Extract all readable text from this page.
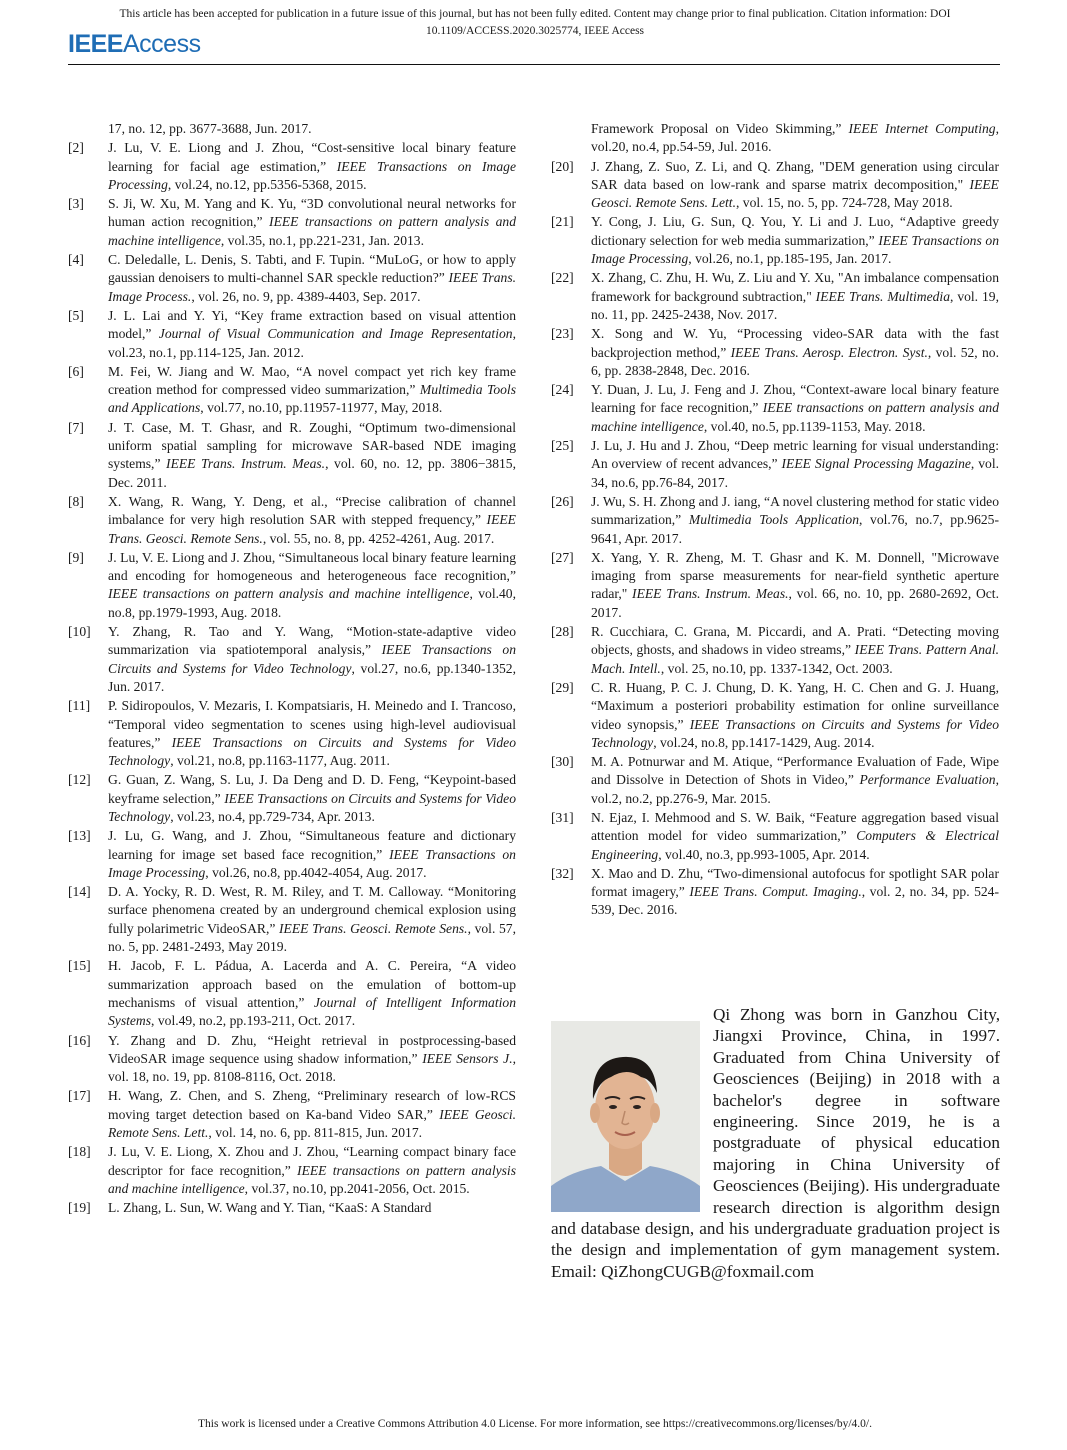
This article has been accepted for publication in a future issue of this journal, but has not been fully edited. Content may change prior to final publication. Citation information: DOI
10.1109/ACCESS.2020.3025774, IEEE Access
IEEEAccess
17, no. 12, pp. 3677-3688, Jun. 2017.
[2] J. Lu, V. E. Liong and J. Zhou, “Cost-sensitive local binary feature learning for facial age estimation,” IEEE Transactions on Image Processing, vol.24, no.12, pp.5356-5368, 2015.
[3] S. Ji, W. Xu, M. Yang and K. Yu, “3D convolutional neural networks for human action recognition,” IEEE transactions on pattern analysis and machine intelligence, vol.35, no.1, pp.221-231, Jan. 2013.
[4] C. Deledalle, L. Denis, S. Tabti, and F. Tupin. “MuLoG, or how to apply gaussian denoisers to multi-channel SAR speckle reduction?” IEEE Trans. Image Process., vol. 26, no. 9, pp. 4389-4403, Sep. 2017.
[5] J. L. Lai and Y. Yi, “Key frame extraction based on visual attention model,” Journal of Visual Communication and Image Representation, vol.23, no.1, pp.114-125, Jan. 2012.
[6] M. Fei, W. Jiang and W. Mao, “A novel compact yet rich key frame creation method for compressed video summarization,” Multimedia Tools and Applications, vol.77, no.10, pp.11957-11977, May, 2018.
[7] J. T. Case, M. T. Ghasr, and R. Zoughi, “Optimum two-dimensional uniform spatial sampling for microwave SAR-based NDE imaging systems,” IEEE Trans. Instrum. Meas., vol. 60, no. 12, pp. 3806−3815, Dec. 2011.
[8] X. Wang, R. Wang, Y. Deng, et al., “Precise calibration of channel imbalance for very high resolution SAR with stepped frequency,” IEEE Trans. Geosci. Remote Sens., vol. 55, no. 8, pp. 4252-4261, Aug. 2017.
[9] J. Lu, V. E. Liong and J. Zhou, “Simultaneous local binary feature learning and encoding for homogeneous and heterogeneous face recognition,” IEEE transactions on pattern analysis and machine intelligence, vol.40, no.8, pp.1979-1993, Aug. 2018.
[10] Y. Zhang, R. Tao and Y. Wang, “Motion-state-adaptive video summarization via spatiotemporal analysis,” IEEE Transactions on Circuits and Systems for Video Technology, vol.27, no.6, pp.1340-1352, Jun. 2017.
[11] P. Sidiropoulos, V. Mezaris, I. Kompatsiaris, H. Meinedo and I. Trancoso, “Temporal video segmentation to scenes using high-level audiovisual features,” IEEE Transactions on Circuits and Systems for Video Technology, vol.21, no.8, pp.1163-1177, Aug. 2011.
[12] G. Guan, Z. Wang, S. Lu, J. Da Deng and D. D. Feng, “Keypoint-based keyframe selection,” IEEE Transactions on Circuits and Systems for Video Technology, vol.23, no.4, pp.729-734, Apr. 2013.
[13] J. Lu, G. Wang, and J. Zhou, “Simultaneous feature and dictionary learning for image set based face recognition,” IEEE Transactions on Image Processing, vol.26, no.8, pp.4042-4054, Aug. 2017.
[14] D. A. Yocky, R. D. West, R. M. Riley, and T. M. Calloway. “Monitoring surface phenomena created by an underground chemical explosion using fully polarimetric VideoSAR,” IEEE Trans. Geosci. Remote Sens., vol. 57, no. 5, pp. 2481-2493, May 2019.
[15] H. Jacob, F. L. Pádua, A. Lacerda and A. C. Pereira, “A video summarization approach based on the emulation of bottom-up mechanisms of visual attention,” Journal of Intelligent Information Systems, vol.49, no.2, pp.193-211, Oct. 2017.
[16] Y. Zhang and D. Zhu, “Height retrieval in postprocessing-based VideoSAR image sequence using shadow information,” IEEE Sensors J., vol. 18, no. 19, pp. 8108-8116, Oct. 2018.
[17] H. Wang, Z. Chen, and S. Zheng, “Preliminary research of low-RCS moving target detection based on Ka-band Video SAR,” IEEE Geosci. Remote Sens. Lett., vol. 14, no. 6, pp. 811-815, Jun. 2017.
[18] J. Lu, V. E. Liong, X. Zhou and J. Zhou, “Learning compact binary face descriptor for face recognition,” IEEE transactions on pattern analysis and machine intelligence, vol.37, no.10, pp.2041-2056, Oct. 2015.
[19] L. Zhang, L. Sun, W. Wang and Y. Tian, “KaaS: A Standard
Framework Proposal on Video Skimming,” IEEE Internet Computing, vol.20, no.4, pp.54-59, Jul. 2016.
[20] J. Zhang, Z. Suo, Z. Li, and Q. Zhang, "DEM generation using circular SAR data based on low-rank and sparse matrix decomposition," IEEE Geosci. Remote Sens. Lett., vol. 15, no. 5, pp. 724-728, May 2018.
[21] Y. Cong, J. Liu, G. Sun, Q. You, Y. Li and J. Luo, “Adaptive greedy dictionary selection for web media summarization,” IEEE Transactions on Image Processing, vol.26, no.1, pp.185-195, Jan. 2017.
[22] X. Zhang, C. Zhu, H. Wu, Z. Liu and Y. Xu, "An imbalance compensation framework for background subtraction," IEEE Trans. Multimedia, vol. 19, no. 11, pp. 2425-2438, Nov. 2017.
[23] X. Song and W. Yu, “Processing video-SAR data with the fast backprojection method,” IEEE Trans. Aerosp. Electron. Syst., vol. 52, no. 6, pp. 2838-2848, Dec. 2016.
[24] Y. Duan, J. Lu, J. Feng and J. Zhou, “Context-aware local binary feature learning for face recognition,” IEEE transactions on pattern analysis and machine intelligence, vol.40, no.5, pp.1139-1153, May. 2018.
[25] J. Lu, J. Hu and J. Zhou, “Deep metric learning for visual understanding: An overview of recent advances,” IEEE Signal Processing Magazine, vol. 34, no.6, pp.76-84, 2017.
[26] J. Wu, S. H. Zhong and J. iang, “A novel clustering method for static video summarization,” Multimedia Tools Application, vol.76, no.7, pp.9625-9641, Apr. 2017.
[27] X. Yang, Y. R. Zheng, M. T. Ghasr and K. M. Donnell, "Microwave imaging from sparse measurements for near-field synthetic aperture radar," IEEE Trans. Instrum. Meas., vol. 66, no. 10, pp. 2680-2692, Oct. 2017.
[28] R. Cucchiara, C. Grana, M. Piccardi, and A. Prati. “Detecting moving objects, ghosts, and shadows in video streams,” IEEE Trans. Pattern Anal. Mach. Intell., vol. 25, no.10, pp. 1337-1342, Oct. 2003.
[29] C. R. Huang, P. C. J. Chung, D. K. Yang, H. C. Chen and G. J. Huang, “Maximum a posteriori probability estimation for online surveillance video synopsis,” IEEE Transactions on Circuits and Systems for Video Technology, vol.24, no.8, pp.1417-1429, Aug. 2014.
[30] M. A. Potnurwar and M. Atique, “Performance Evaluation of Fade, Wipe and Dissolve in Detection of Shots in Video,” Performance Evaluation, vol.2, no.2, pp.276-9, Mar. 2015.
[31] N. Ejaz, I. Mehmood and S. W. Baik, “Feature aggregation based visual attention model for video summarization,” Computers & Electrical Engineering, vol.40, no.3, pp.993-1005, Apr. 2014.
[32] X. Mao and D. Zhu, “Two-dimensional autofocus for spotlight SAR polar format imagery,” IEEE Trans. Comput. Imaging., vol. 2, no. 34, pp. 524-539, Dec. 2016.
Qi Zhong was born in Ganzhou City, Jiangxi Province, China, in 1997. Graduated from China University of Geosciences (Beijing) in 2018 with a bachelor's degree in software engineering. Since 2019, he is a postgraduate of physical education majoring in China University of Geosciences (Beijing). His undergraduate research direction is algorithm design and database design, and his undergraduate graduation project is the design and implementation of gym management system. Email: QiZhongCUGB@foxmail.com
This work is licensed under a Creative Commons Attribution 4.0 License. For more information, see https://creativecommons.org/licenses/by/4.0/.
